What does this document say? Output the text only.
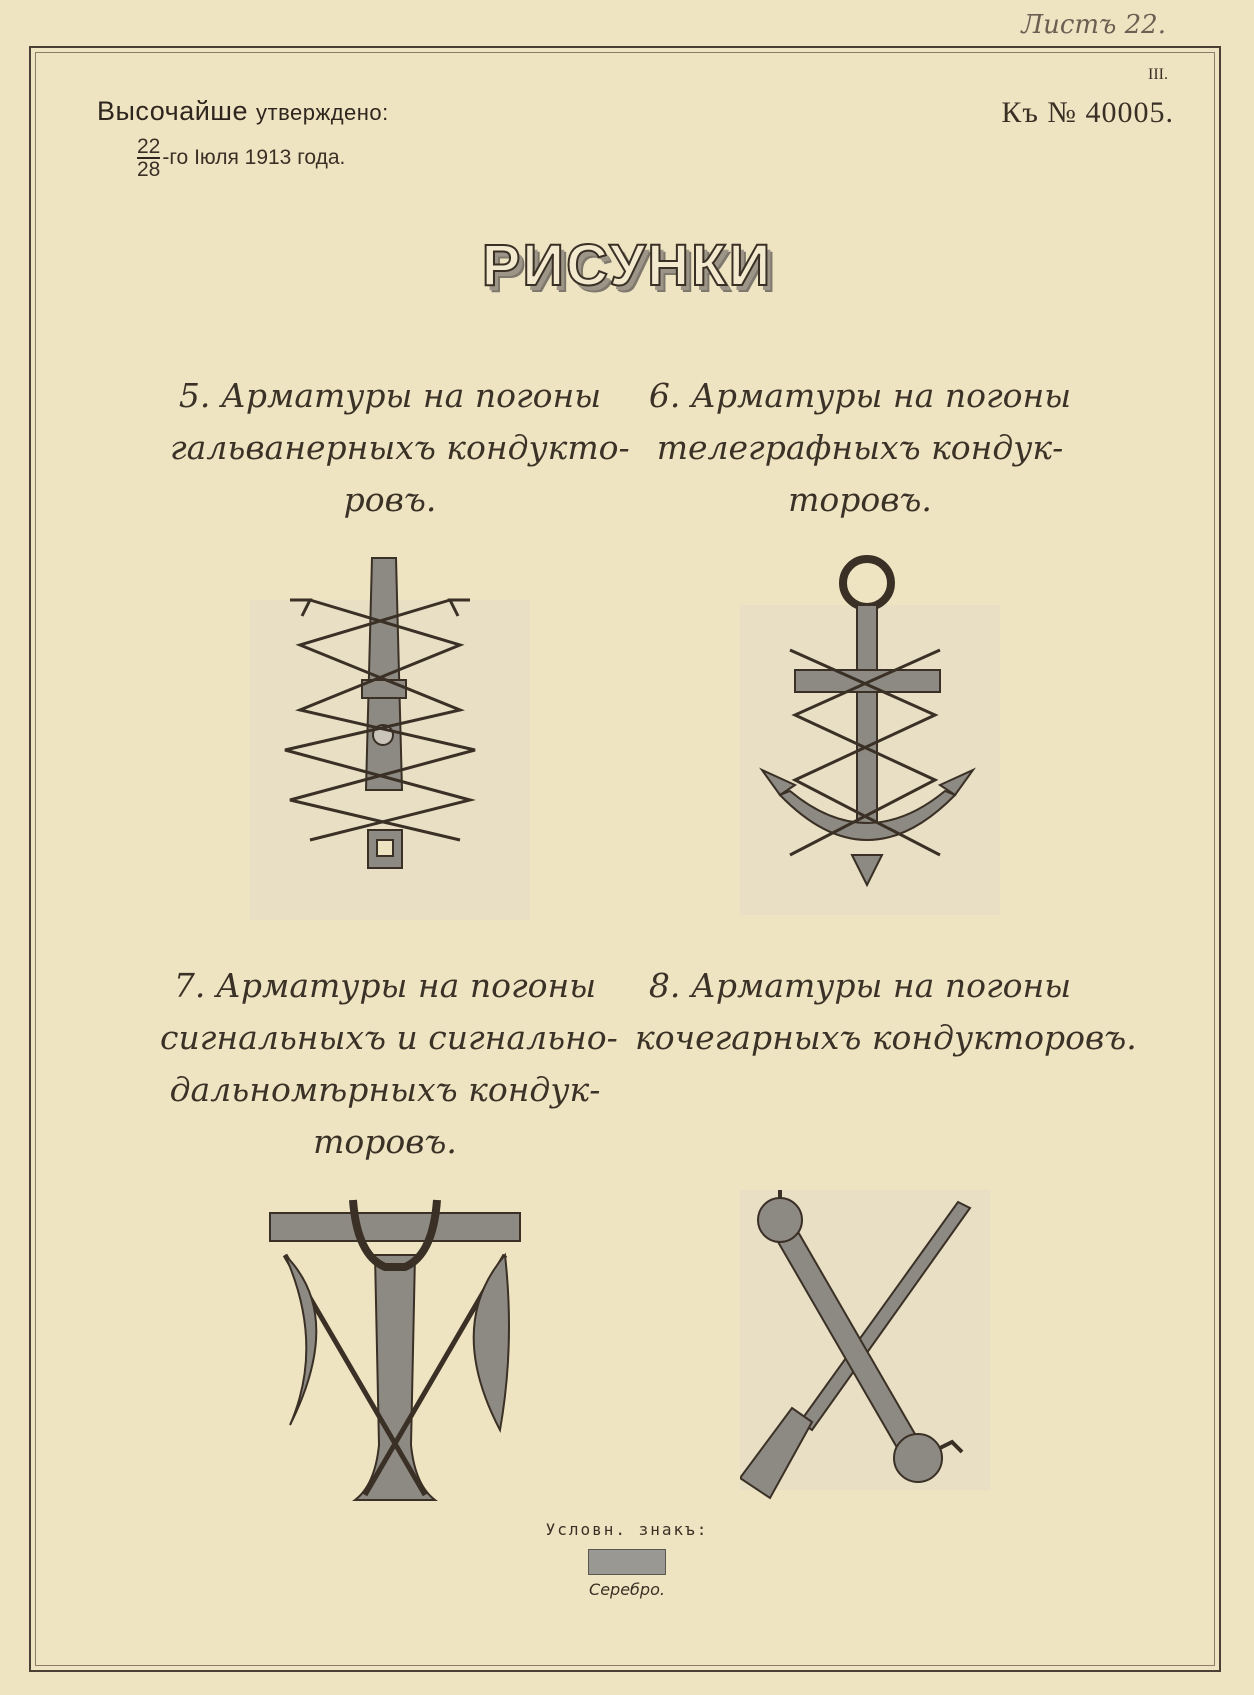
Листъ 22.
Высочайше утверждено:
$\frac{22}{28} -го$ Іюля 1913 года.
III.
Къ № 40005.
РИСУНКИ
5. Арматуры на погоны
гальванерныхъ кондукто-
ровъ.
6. Арматуры на погоны
телеграфныхъ кондук-
торовъ.
7. Арматуры на погоны
сигнальныхъ и сигнально-
дальномѣрныхъ кондук-
торовъ.
8. Арматуры на погоны
кочегарныхъ кондукторовъ.
Условн. знакъ:
Серебро.
